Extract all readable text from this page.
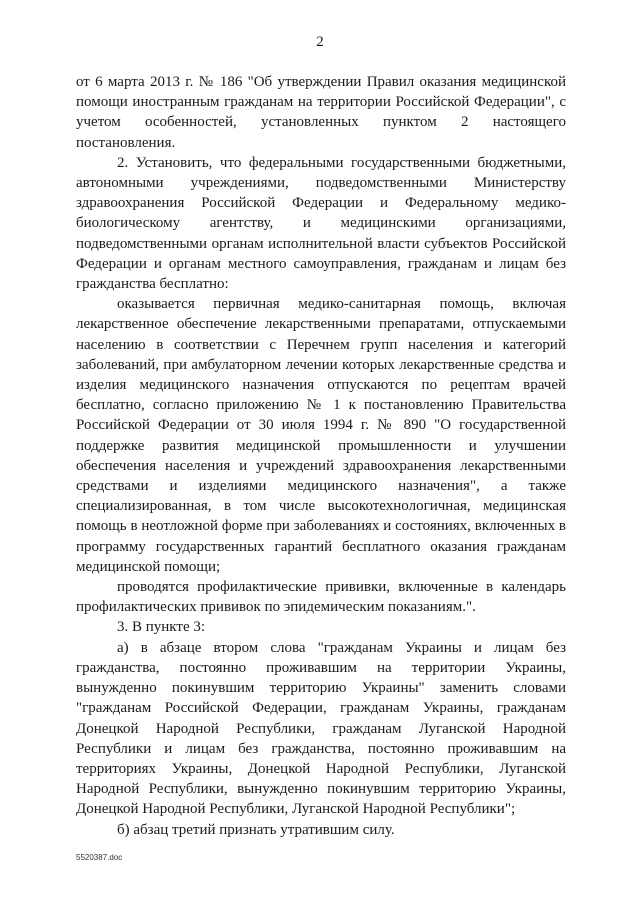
2

от 6 марта 2013 г. № 186 "Об утверждении Правил оказания медицинской помощи иностранным гражданам на территории Российской Федерации", с учетом особенностей, установленных пунктом 2 настоящего постановления.

2. Установить, что федеральными государственными бюджетными, автономными учреждениями, подведомственными Министерству здравоохранения Российской Федерации и Федеральному медико-биологическому агентству, и медицинскими организациями, подведомственными органам исполнительной власти субъектов Российской Федерации и органам местного самоуправления, гражданам и лицам без гражданства бесплатно:

оказывается первичная медико-санитарная помощь, включая лекарственное обеспечение лекарственными препаратами, отпускаемыми населению в соответствии с Перечнем групп населения и категорий заболеваний, при амбулаторном лечении которых лекарственные средства и изделия медицинского назначения отпускаются по рецептам врачей бесплатно, согласно приложению № 1 к постановлению Правительства Российской Федерации от 30 июля 1994 г. № 890 "О государственной поддержке развития медицинской промышленности и улучшении обеспечения населения и учреждений здравоохранения лекарственными средствами и изделиями медицинского назначения", а также специализированная, в том числе высокотехнологичная, медицинская помощь в неотложной форме при заболеваниях и состояниях, включенных в программу государственных гарантий бесплатного оказания гражданам медицинской помощи;

проводятся профилактические прививки, включенные в календарь профилактических прививок по эпидемическим показаниям.".

3. В пункте 3:

а) в абзаце втором слова "гражданам Украины и лицам без гражданства, постоянно проживавшим на территории Украины, вынужденно покинувшим территорию Украины" заменить словами "гражданам Российской Федерации, гражданам Украины, гражданам Донецкой Народной Республики, гражданам Луганской Народной Республики и лицам без гражданства, постоянно проживавшим на территориях Украины, Донецкой Народной Республики, Луганской Народной Республики, вынужденно покинувшим территорию Украины, Донецкой Народной Республики, Луганской Народной Республики";

б) абзац третий признать утратившим силу.

5520387.doc
